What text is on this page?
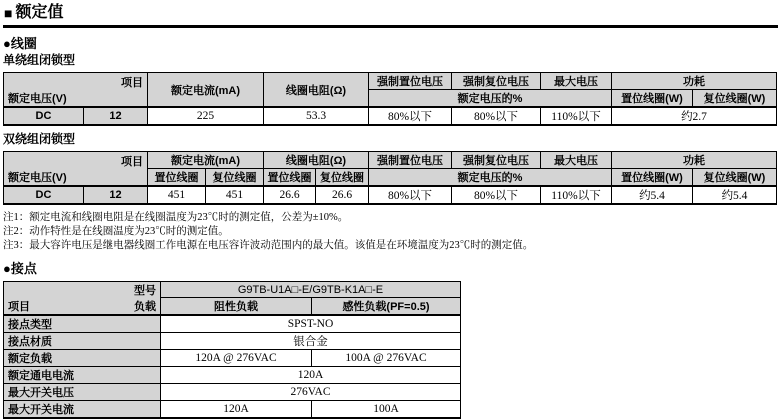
■ 额定值
●线圈
单绕组闭锁型
项目
额定电压(V)		额定电流(mA)	线圈电阻(Ω)	强制置位电压	强制复位电压	最大电压	功耗	
				额定电压的%			置位线圈(W)	复位线圈(W)
DC	12	225	53.3	80%以下	80%以下	110%以下	约2.7	
双绕组闭锁型
项目
额定电压(V)		额定电流(mA)		线圈电阻(Ω)		强制置位电压	强制复位电压	最大电压	功耗	
		置位线圈	复位线圈	置位线圈	复位线圈	额定电压的%			置位线圈(W)	复位线圈(W)
DC	12	451	451	26.6	26.6	80%以下	80%以下	110%以下	约5.4	约5.4
注1：额定电流和线圈电阻是在线圈温度为23℃时的测定值，公差为±10%。
注2：动作特性是在线圈温度为23℃时的测定值。
注3：最大容许电压是继电器线圈工作电源在电压容许波动范围内的最大值。该值是在环境温度为23℃时的测定值。
●接点
型号
项目 负载	G9TB-U1A□-E/G9TB-K1A□-E	
	阻性负载	感性负载(PF=0.5)
接点类型	SPST-NO	
接点材质	银合金	
额定负载	120A @ 276VAC	100A @ 276VAC
额定通电电流	120A	
最大开关电压	276VAC	
最大开关电流	120A	100A
